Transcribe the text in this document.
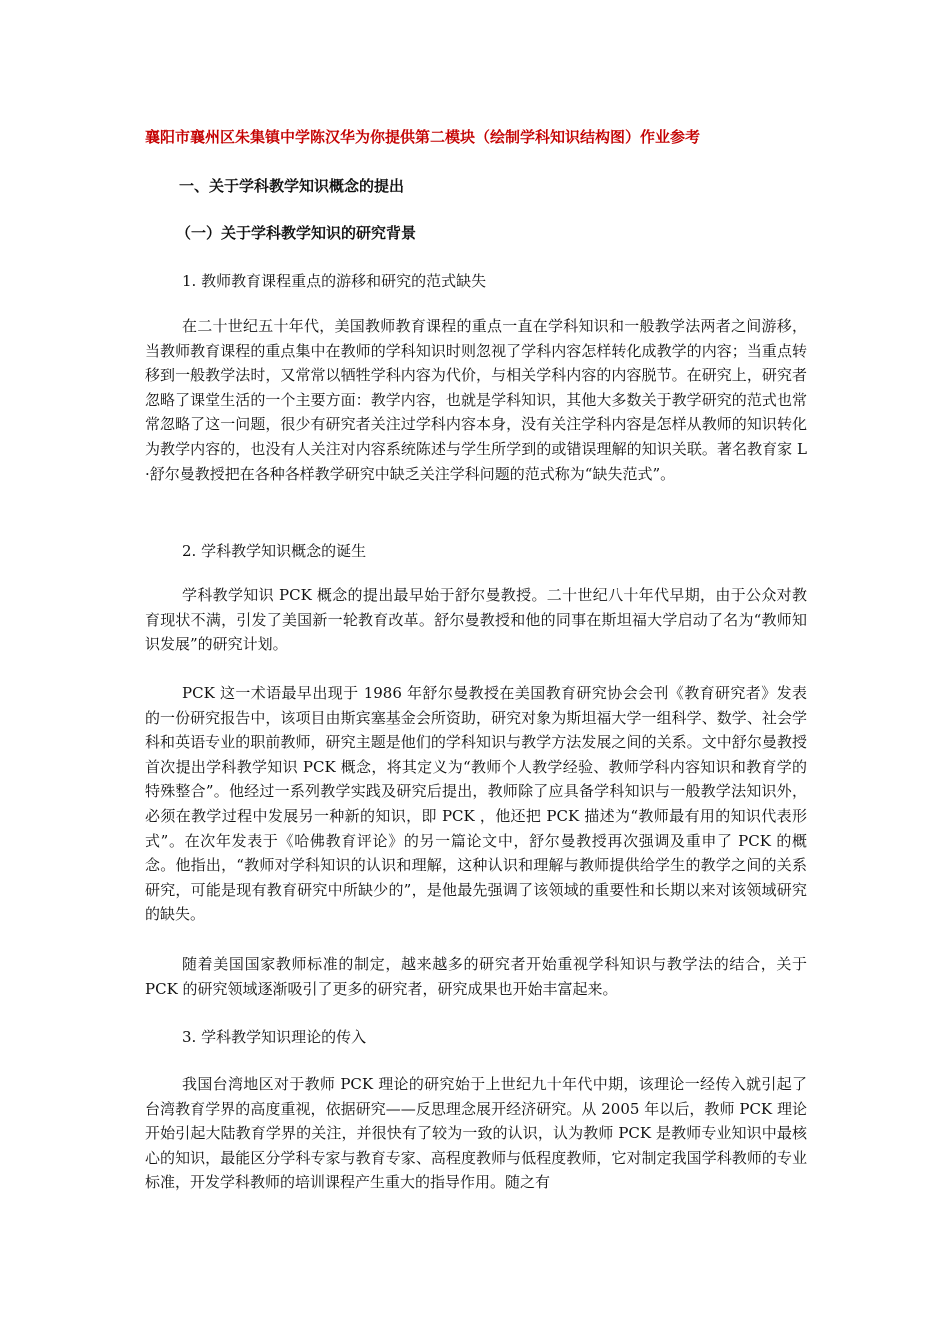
襄阳市襄州区朱集镇中学陈汉华为你提供第二模块（绘制学科知识结构图）作业参考
一、关于学科教学知识概念的提出
（一）关于学科教学知识的研究背景
1. 教师教育课程重点的游移和研究的范式缺失

在二十世纪五十年代，美国教师教育课程的重点一直在学科知识和一般教学法两者之间游移，当教师教育课程的重点集中在教师的学科知识时则忽视了学科内容怎样转化成教学的内容；当重点转移到一般教学法时，又常常以牺牲学科内容为代价，与相关学科内容的内容脱节。在研究上，研究者忽略了课堂生活的一个主要方面：教学内容，也就是学科知识，其他大多数关于教学研究的范式也常常忽略了这一问题，很少有研究者关注过学科内容本身，没有关注学科内容是怎样从教师的知识转化为教学内容的，也没有人关注对内容系统陈述与学生所学到的或错误理解的知识关联。著名教育家 L ·舒尔曼教授把在各种各样教学研究中缺乏关注学科问题的范式称为“缺失范式”。

2. 学科教学知识概念的诞生

学科教学知识 PCK 概念的提出最早始于舒尔曼教授。二十世纪八十年代早期，由于公众对教育现状不满，引发了美国新一轮教育改革。舒尔曼教授和他的同事在斯坦福大学启动了名为“教师知识发展”的研究计划。

PCK 这一术语最早出现于 1986 年舒尔曼教授在美国教育研究协会会刊《教育研究者》发表的一份研究报告中，该项目由斯宾塞基金会所资助，研究对象为斯坦福大学一组科学、数学、社会学科和英语专业的职前教师，研究主题是他们的学科知识与教学方法发展之间的关系。文中舒尔曼教授首次提出学科教学知识 PCK 概念，将其定义为“教师个人教学经验、教师学科内容知识和教育学的特殊整合”。他经过一系列教学实践及研究后提出，教师除了应具备学科知识与一般教学法知识外，必须在教学过程中发展另一种新的知识，即 PCK ，他还把 PCK 描述为“教师最有用的知识代表形式”。在次年发表于《哈佛教育评论》的另一篇论文中，舒尔曼教授再次强调及重申了 PCK 的概念。他指出，“教师对学科知识的认识和理解，这种认识和理解与教师提供给学生的教学之间的关系研究，可能是现有教育研究中所缺少的”，是他最先强调了该领域的重要性和长期以来对该领域研究的缺失。

随着美国国家教师标准的制定，越来越多的研究者开始重视学科知识与教学法的结合，关于 PCK 的研究领域逐渐吸引了更多的研究者，研究成果也开始丰富起来。

3. 学科教学知识理论的传入

我国台湾地区对于教师 PCK 理论的研究始于上世纪九十年代中期，该理论一经传入就引起了台湾教育学界的高度重视，依据研究——反思理念展开经济研究。从 2005 年以后，教师 PCK 理论开始引起大陆教育学界的关注，并很快有了较为一致的认识，认为教师 PCK 是教师专业知识中最核心的知识，最能区分学科专家与教育专家、高程度教师与低程度教师，它对制定我国学科教师的专业标准，开发学科教师的培训课程产生重大的指导作用。随之有
